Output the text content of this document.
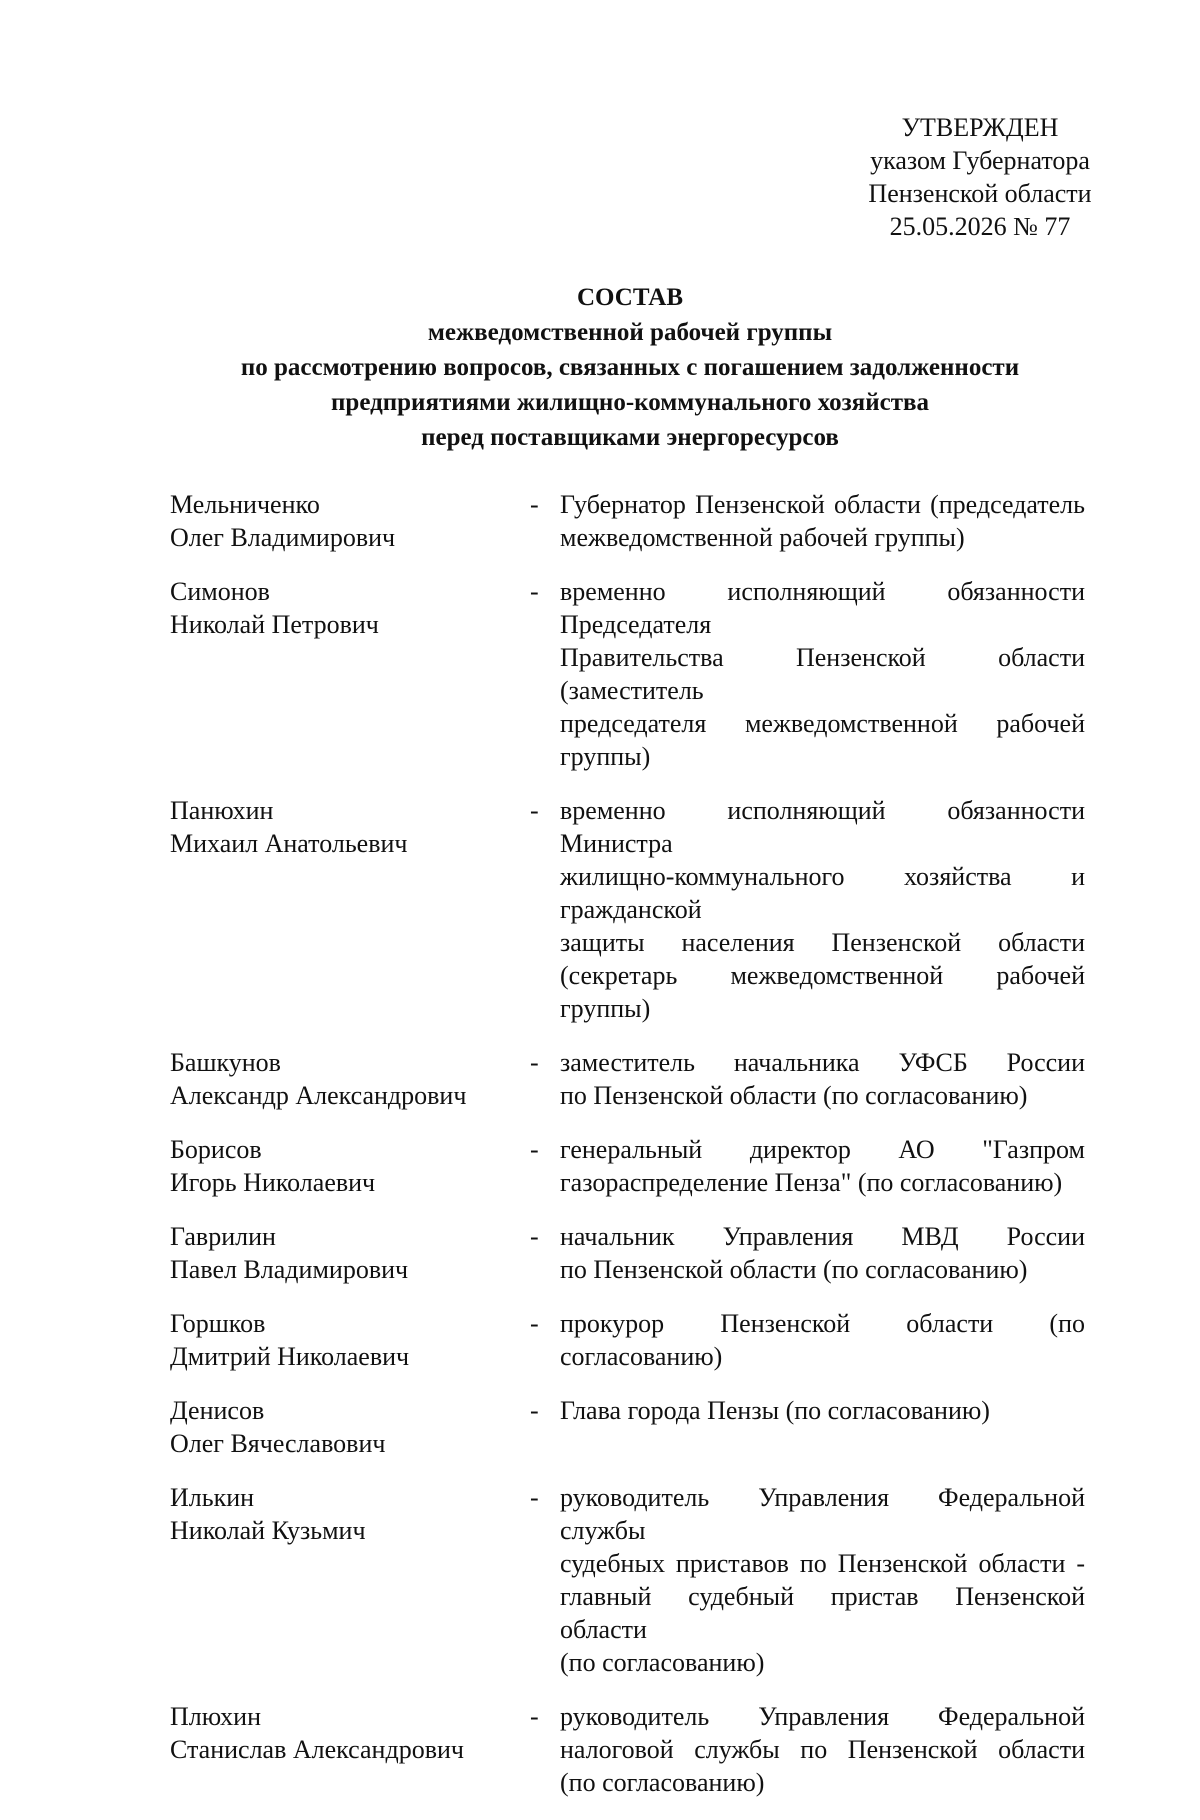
УТВЕРЖДЕН
указом Губернатора
Пензенской области
25.05.2026 № 77
СОСТАВ
межведомственной рабочей группы
по рассмотрению вопросов, связанных с погашением задолженности
предприятиями жилищно-коммунального хозяйства
перед поставщиками энергоресурсов
Мельниченко
Олег Владимирович
- Губернатор Пензенской области (председатель
межведомственной рабочей группы)
Симонов
Николай Петрович
- временно исполняющий обязанности Председателя
Правительства Пензенской области (заместитель
председателя межведомственной рабочей группы)
Панюхин
Михаил Анатольевич
- временно исполняющий обязанности Министра
жилищно-коммунального хозяйства и гражданской
защиты населения Пензенской области
(секретарь межведомственной рабочей группы)
Башкунов
Александр Александрович
- заместитель начальника УФСБ России
по Пензенской области (по согласованию)
Борисов
Игорь Николаевич
- генеральный директор АО "Газпром
газораспределение Пенза" (по согласованию)
Гаврилин
Павел Владимирович
- начальник Управления МВД России
по Пензенской области (по согласованию)
Горшков
Дмитрий Николаевич
- прокурор Пензенской области (по согласованию)
Денисов
Олег Вячеславович
- Глава города Пензы (по согласованию)
Илькин
Николай Кузьмич
- руководитель Управления Федеральной службы
судебных приставов по Пензенской области -
главный судебный пристав Пензенской области
(по согласованию)
Плюхин
Станислав Александрович
- руководитель Управления Федеральной
налоговой службы по Пензенской области
(по согласованию)
